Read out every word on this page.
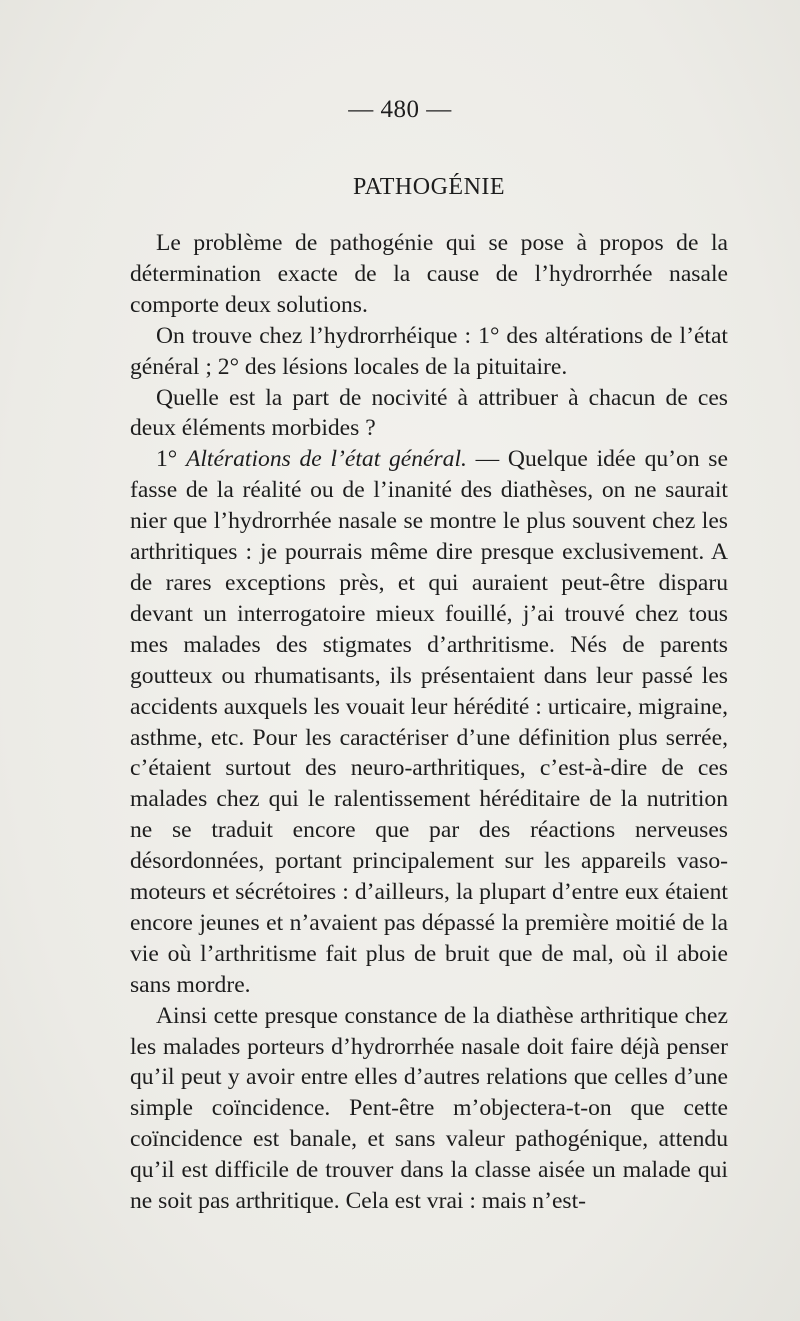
— 480 —
PATHOGÉNIE

Le problème de pathogénie qui se pose à propos de la détermination exacte de la cause de l’hydrorrhée nasale comporte deux solutions.

On trouve chez l’hydrorrhéique : 1° des altérations de l’état général ; 2° des lésions locales de la pituitaire.

Quelle est la part de nocivité à attribuer à chacun de ces deux éléments morbides ?

1° Altérations de l’état général. — Quelque idée qu’on se fasse de la réalité ou de l’inanité des diathèses, on ne saurait nier que l’hydrorrhée nasale se montre le plus souvent chez les arthritiques : je pourrais même dire presque exclusivement. A de rares exceptions près, et qui auraient peut-être disparu devant un interrogatoire mieux fouillé, j’ai trouvé chez tous mes malades des stigmates d’arthritisme. Nés de parents goutteux ou rhumatisants, ils présentaient dans leur passé les accidents auxquels les vouait leur hérédité : urticaire, migraine, asthme, etc. Pour les caractériser d’une définition plus serrée, c’étaient surtout des neuro-arthritiques, c’est-à-dire de ces malades chez qui le ralentissement héréditaire de la nutrition ne se traduit encore que par des réactions nerveuses désordonnées, portant principalement sur les appareils vaso-moteurs et sécrétoires : d’ailleurs, la plupart d’entre eux étaient encore jeunes et n’avaient pas dépassé la première moitié de la vie où l’arthritisme fait plus de bruit que de mal, où il aboie sans mordre.

Ainsi cette presque constance de la diathèse arthritique chez les malades porteurs d’hydrorrhée nasale doit faire déjà penser qu’il peut y avoir entre elles d’autres relations que celles d’une simple coïncidence. Pent-être m’objectera-t-on que cette coïncidence est banale, et sans valeur pathogénique, attendu qu’il est difficile de trouver dans la classe aisée un malade qui ne soit pas arthritique. Cela est vrai : mais n’est-
